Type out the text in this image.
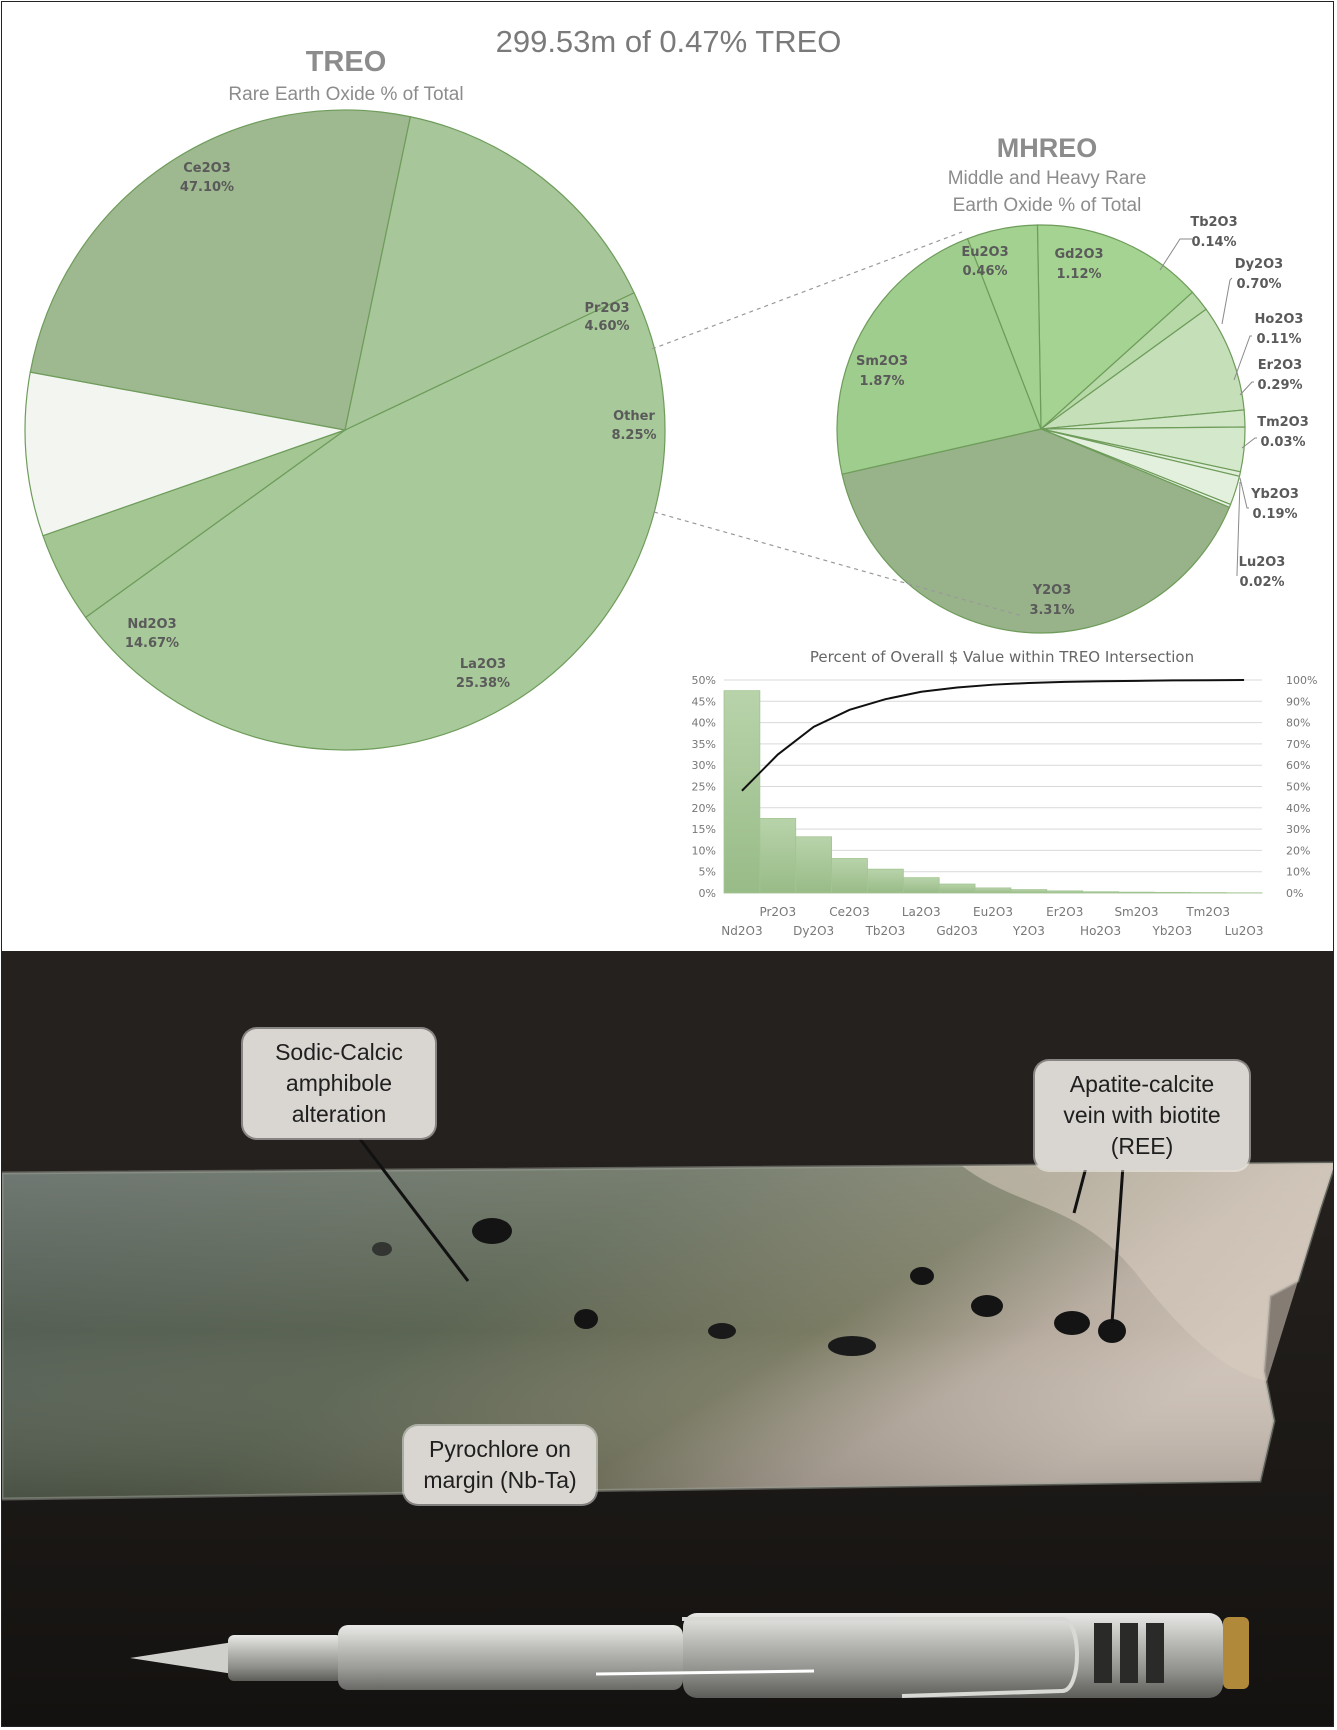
299.53m of 0.47% TREO
TREO
Rare Earth Oxide % of Total
MHREO
Middle and Heavy Rare
Earth Oxide % of Total
Ce2O3
47.10%
Pr2O3
4.60%
Other
8.25%
La2O3
25.38%
Nd2O3
14.67%
Gd2O3
1.12%
Eu2O3
0.46%
Sm2O3
1.87%
Y2O3
3.31%
Tb2O3
0.14%
Dy2O3
0.70%
Ho2O3
0.11%
Er2O3
0.29%
Tm2O3
0.03%
Yb2O3
0.19%
Lu2O3
0.02%
Percent of Overall $ Value within TREO Intersection
0%
5%
10%
15%
20%
25%
30%
35%
40%
45%
50%
0%
10%
20%
30%
40%
50%
60%
70%
80%
90%
100%
Nd2O3
Pr2O3
Dy2O3
Ce2O3
Tb2O3
La2O3
Gd2O3
Eu2O3
Y2O3
Er2O3
Ho2O3
Sm2O3
Yb2O3
Tm2O3
Lu2O3
Sodic-Calcic
amphibole
alteration
Apatite-calcite
vein with biotite
(REE)
Pyrochlore on
margin (Nb-Ta)
